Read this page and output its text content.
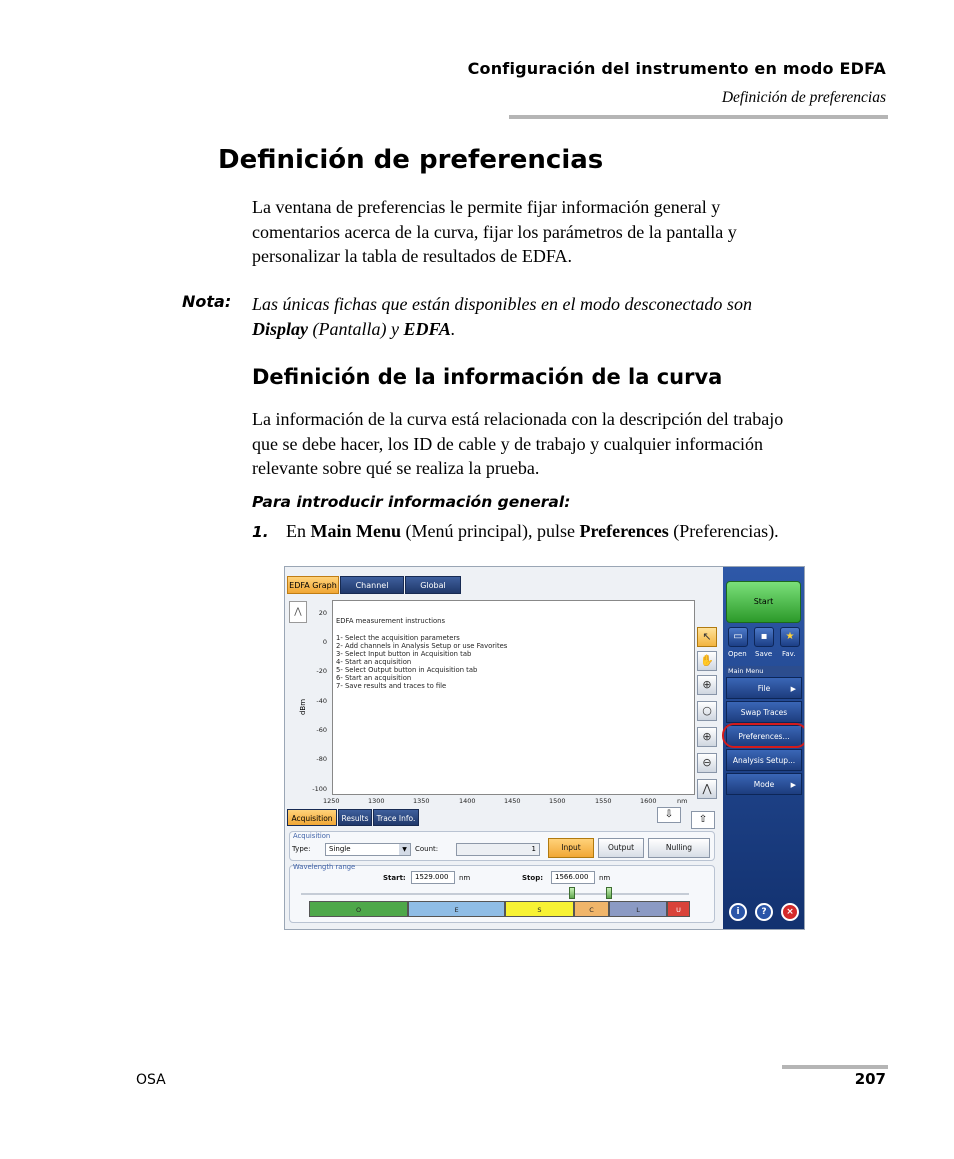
Configuración del instrumento en modo EDFA
Definición de preferencias
Definición de preferencias
La ventana de preferencias le permite fijar información general y
comentarios acerca de la curva, fijar los parámetros de la pantalla y
personalizar la tabla de resultados de EDFA.
Nota: Las únicas fichas que están disponibles en el modo desconectado son
Display (Pantalla) y EDFA.
Definición de la información de la curva
La información de la curva está relacionada con la descripción del trabajo
que se debe hacer, los ID de cable y de trabajo y cualquier información
relevante sobre qué se realiza la prueba.
Para introducir información general:
1. En Main Menu (Menú principal), pulse Preferences (Preferencias).
EDFA Graph	Channel	Global
⋀
dBm
20
0
-20
-40
-60
-80
-100
EDFA measurement instructions
1- Select the acquisition parameters
2- Add channels in Analysis Setup or use Favorites
3- Select Input button in Acquisition tab
4- Start an acquisition
5- Select Output button in Acquisition tab
6- Start an acquisition
7- Save results and traces to file
1250	1300	1350	1400	1450	1500	1550	1600	nm
↖
✋
⊕
○
⊕
⊖
⋀
Start
▭	▪	★
Open Save Fav.
Main Menu
File	▶
Swap Traces
Preferences...
Analysis Setup...
Mode ▶
i	?	×
Acquisition	Results	Trace Info.	⇩	⇧
Acquisition
Type:	Single	▼	Count:	1	Input	Output	Nulling
Wavelength range
Start:	1529.000	nm	Stop:	1566.000	nm
O	E	S	C	L	U
OSA	207
